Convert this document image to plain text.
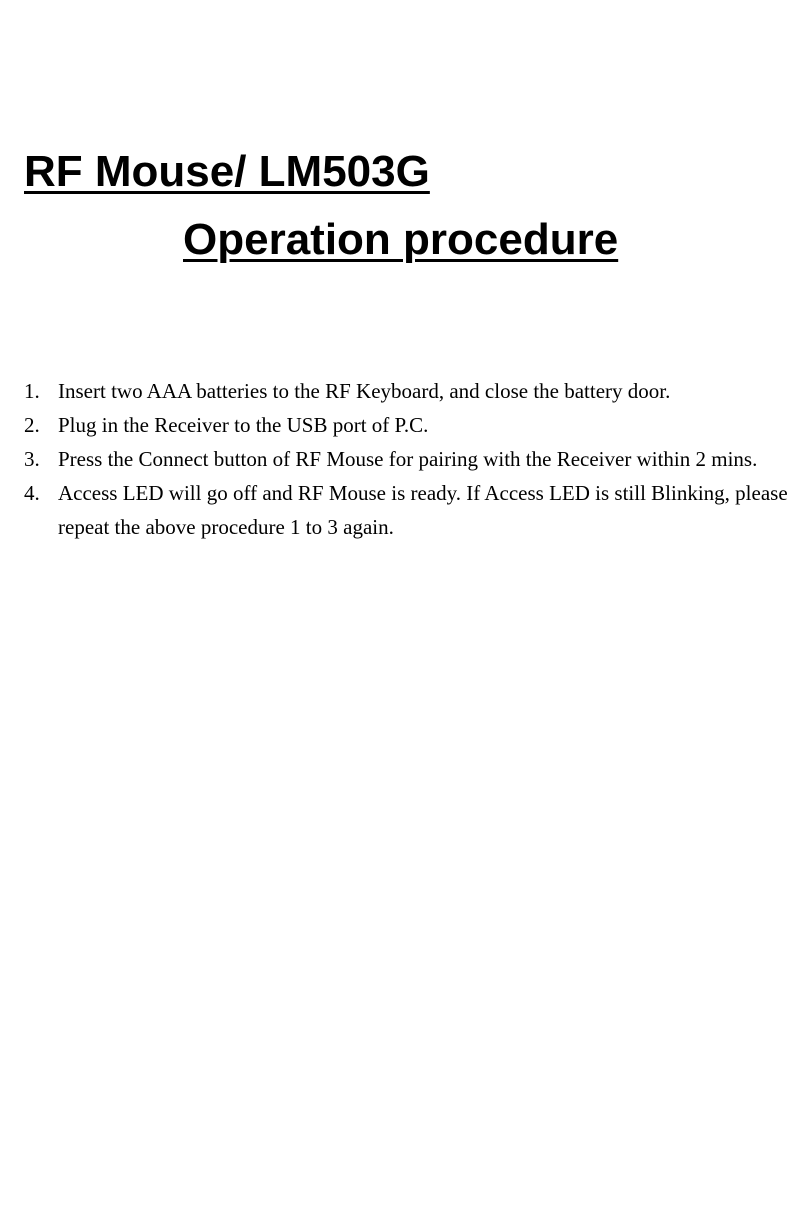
RF Mouse/ LM503G
Operation procedure
1. Insert two AAA batteries to the RF Keyboard, and close the battery door.
2. Plug in the Receiver to the USB port of P.C.
3. Press the Connect button of RF Mouse for pairing with the Receiver within 2 mins.
4. Access LED will go off and RF Mouse is ready. If Access LED is still Blinking, please repeat the above procedure 1 to 3 again.
